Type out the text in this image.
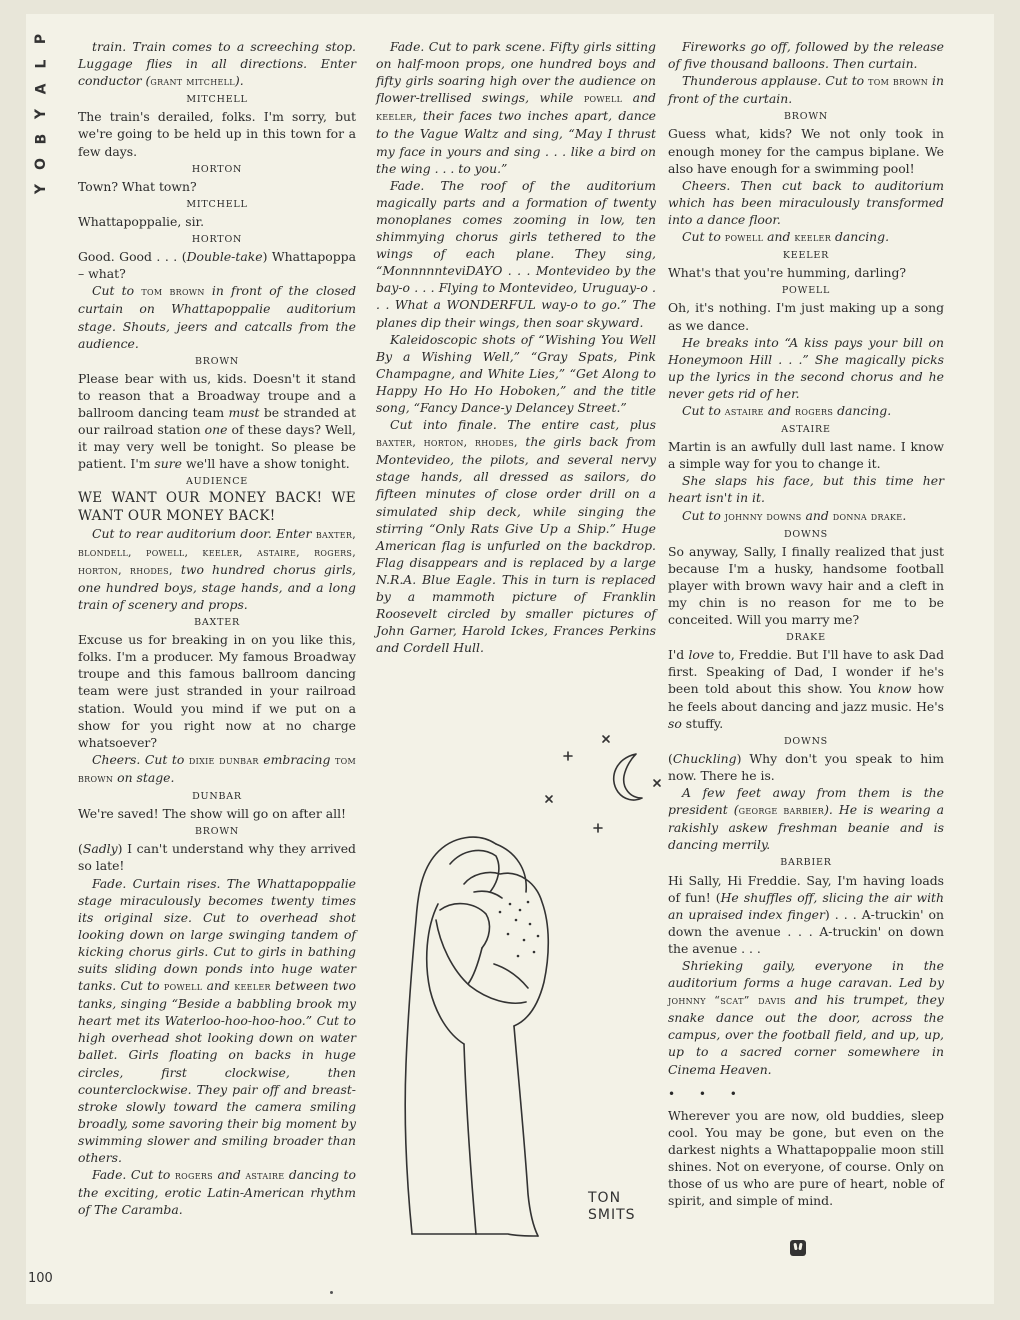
P
L
A
Y
B
O
Y

train. Train comes to a screeching stop. Luggage flies in all directions. Enter conductor (grant mitchell).

MITCHELL

The train's derailed, folks. I'm sorry, but we're going to be held up in this town for a few days.

HORTON

Town? What town?

MITCHELL

Whattapoppalie, sir.

HORTON

Good. Good . . . (Double-take) Whattapoppa – what?

Cut to tom brown in front of the closed curtain on Whattapoppalie auditorium stage. Shouts, jeers and catcalls from the audience.

BROWN

Please bear with us, kids. Doesn't it stand to reason that a Broadway troupe and a ballroom dancing team must be stranded at our railroad station one of these days? Well, it may very well be tonight. So please be patient. I'm sure we'll have a show tonight.

AUDIENCE

WE WANT OUR MONEY BACK! WE WANT OUR MONEY BACK!

Cut to rear auditorium door. Enter baxter, blondell, powell, keeler, astaire, rogers, horton, rhodes, two hundred chorus girls, one hundred boys, stage hands, and a long train of scenery and props.

BAXTER

Excuse us for breaking in on you like this, folks. I'm a producer. My famous Broadway troupe and this famous ballroom dancing team were just stranded in your railroad station. Would you mind if we put on a show for you right now at no charge whatsoever?

Cheers. Cut to dixie dunbar embracing tom brown on stage.

DUNBAR

We're saved! The show will go on after all!

BROWN

(Sadly) I can't understand why they arrived so late!

Fade. Curtain rises. The Whattapoppalie stage miraculously becomes twenty times its original size. Cut to overhead shot looking down on large swinging tandem of kicking chorus girls. Cut to girls in bathing suits sliding down ponds into huge water tanks. Cut to powell and keeler between two tanks, singing “Beside a babbling brook my heart met its Waterloo-hoo-hoo-hoo.” Cut to high overhead shot looking down on water ballet. Girls floating on backs in huge circles, first clockwise, then counterclockwise. They pair off and breast-stroke slowly toward the camera smiling broadly, some savoring their big moment by swimming slower and smiling broader than others.

Fade. Cut to rogers and astaire dancing to the exciting, erotic Latin-American rhythm of The Caramba.

Fade. Cut to park scene. Fifty girls sitting on half-moon props, one hundred boys and fifty girls soaring high over the audience on flower-trellised swings, while powell and keeler, their faces two inches apart, dance to the Vague Waltz and sing, “May I thrust my face in yours and sing . . . like a bird on the wing . . . to you.”

Fade. The roof of the auditorium magically parts and a formation of twenty monoplanes comes zooming in low, ten shimmying chorus girls tethered to the wings of each plane. They sing, “MonnnnnteviDAYO . . . Montevideo by the bay-o . . . Flying to Montevideo, Uruguay-o . . . What a WONDERFUL way-o to go.” The planes dip their wings, then soar skyward.

Kaleidoscopic shots of “Wishing You Well By a Wishing Well,” “Gray Spats, Pink Champagne, and White Lies,” “Get Along to Happy Ho Ho Ho Hoboken,” and the title song, “Fancy Dance-y Delancey Street.”

Cut into finale. The entire cast, plus baxter, horton, rhodes, the girls back from Montevideo, the pilots, and several nervy stage hands, all dressed as sailors, do fifteen minutes of close order drill on a simulated ship deck, while singing the stirring “Only Rats Give Up a Ship.” Huge American flag is unfurled on the backdrop. Flag disappears and is replaced by a large N.R.A. Blue Eagle. This in turn is replaced by a mammoth picture of Franklin Roosevelt circled by smaller pictures of John Garner, Harold Ickes, Frances Perkins and Cordell Hull.

Fireworks go off, followed by the release of five thousand balloons. Then curtain.

Thunderous applause. Cut to tom brown in front of the curtain.

BROWN

Guess what, kids? We not only took in enough money for the campus biplane. We also have enough for a swimming pool!

Cheers. Then cut back to auditorium which has been miraculously transformed into a dance floor.

Cut to powell and keeler dancing.

KEELER

What's that you're humming, darling?

POWELL

Oh, it's nothing. I'm just making up a song as we dance.

He breaks into “A kiss pays your bill on Honeymoon Hill . . .” She magically picks up the lyrics in the second chorus and he never gets rid of her.

Cut to astaire and rogers dancing.

ASTAIRE

Martin is an awfully dull last name. I know a simple way for you to change it.

She slaps his face, but this time her heart isn't in it.

Cut to johnny downs and donna drake.

DOWNS

So anyway, Sally, I finally realized that just because I'm a husky, handsome football player with brown wavy hair and a cleft in my chin is no reason for me to be conceited. Will you marry me?

DRAKE

I'd love to, Freddie. But I'll have to ask Dad first. Speaking of Dad, I wonder if he's been told about this show. You know how he feels about dancing and jazz music. He's so stuffy.

DOWNS

(Chuckling) Why don't you speak to him now. There he is.

A few feet away from them is the president (george barbier). He is wearing a rakishly askew freshman beanie and is dancing merrily.

BARBIER

Hi Sally, Hi Freddie. Say, I'm having loads of fun! (He shuffles off, slicing the air with an upraised index finger) . . . A-truckin' on down the avenue . . . A-truckin' on down the avenue . . .

Shrieking gaily, everyone in the auditorium forms a huge caravan. Led by johnny “scat” davis and his trumpet, they snake dance out the door, across the campus, over the football field, and up, up, up to a sacred corner somewhere in Cinema Heaven.

• • •

Wherever you are now, old buddies, sleep cool. You may be gone, but even on the darkest nights a Whattapoppalie moon still shines. Not on everyone, of course. Only on those of us who are pure of heart, noble of spirit, and simple of mind.

TON
SMITS
100
